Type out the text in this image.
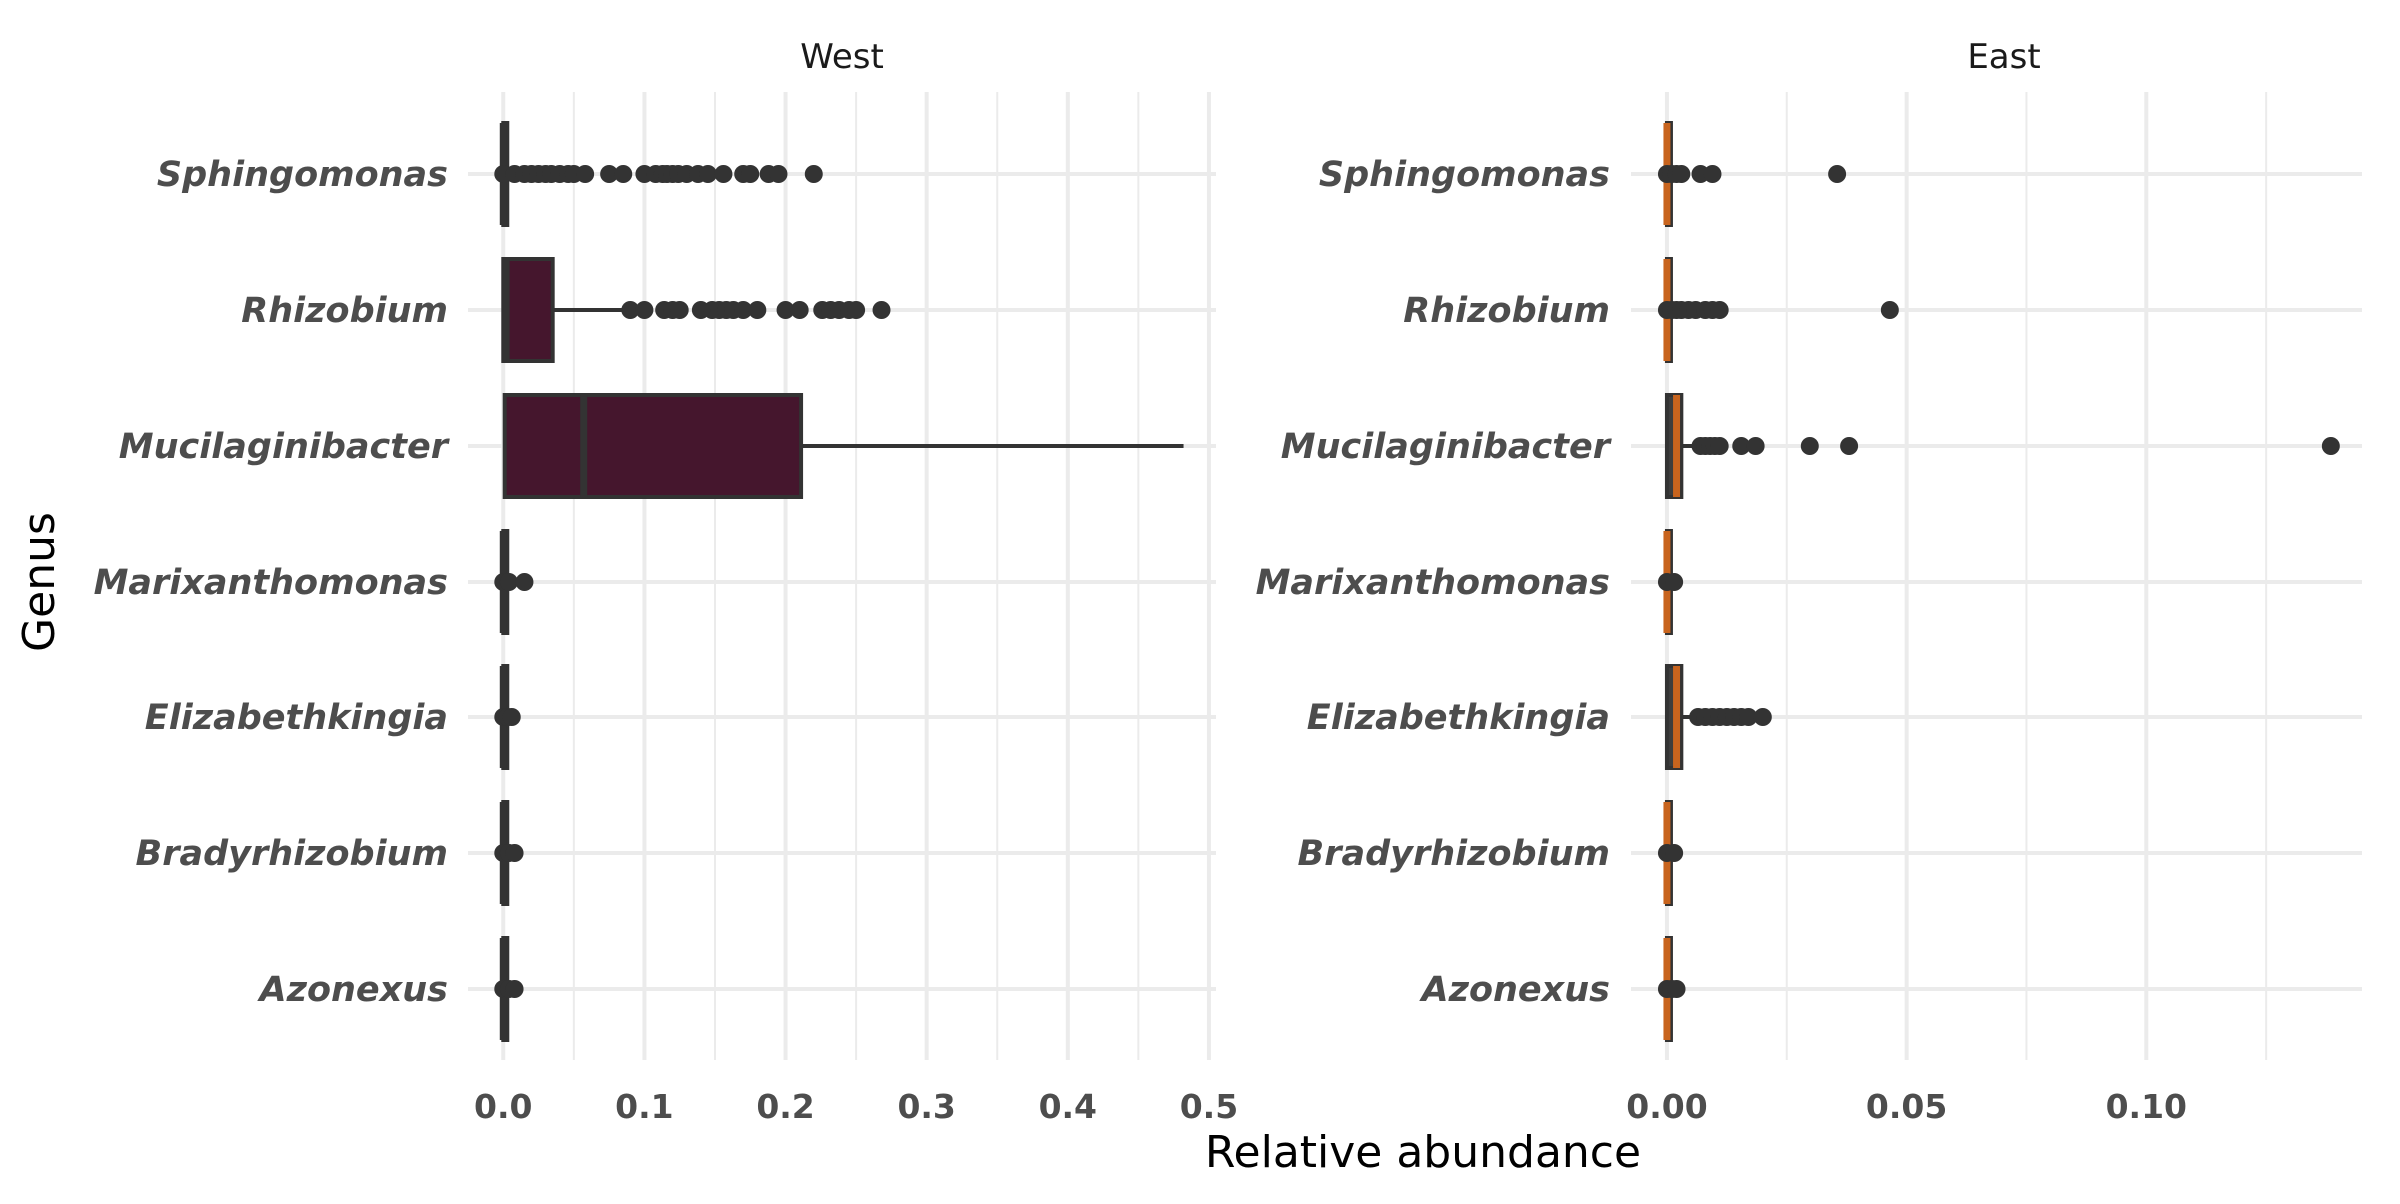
West
0.0	0.1	0.2	0.3	0.4	0.5
Sphingomonas
Rhizobium
Mucilaginibacter
Marixanthomonas
Elizabethkingia
Bradyrhizobium
Azonexus
East
0.00	0.05	0.10
Sphingomonas
Rhizobium
Mucilaginibacter
Marixanthomonas
Elizabethkingia
Bradyrhizobium
Azonexus
Relative abundance
Genus
